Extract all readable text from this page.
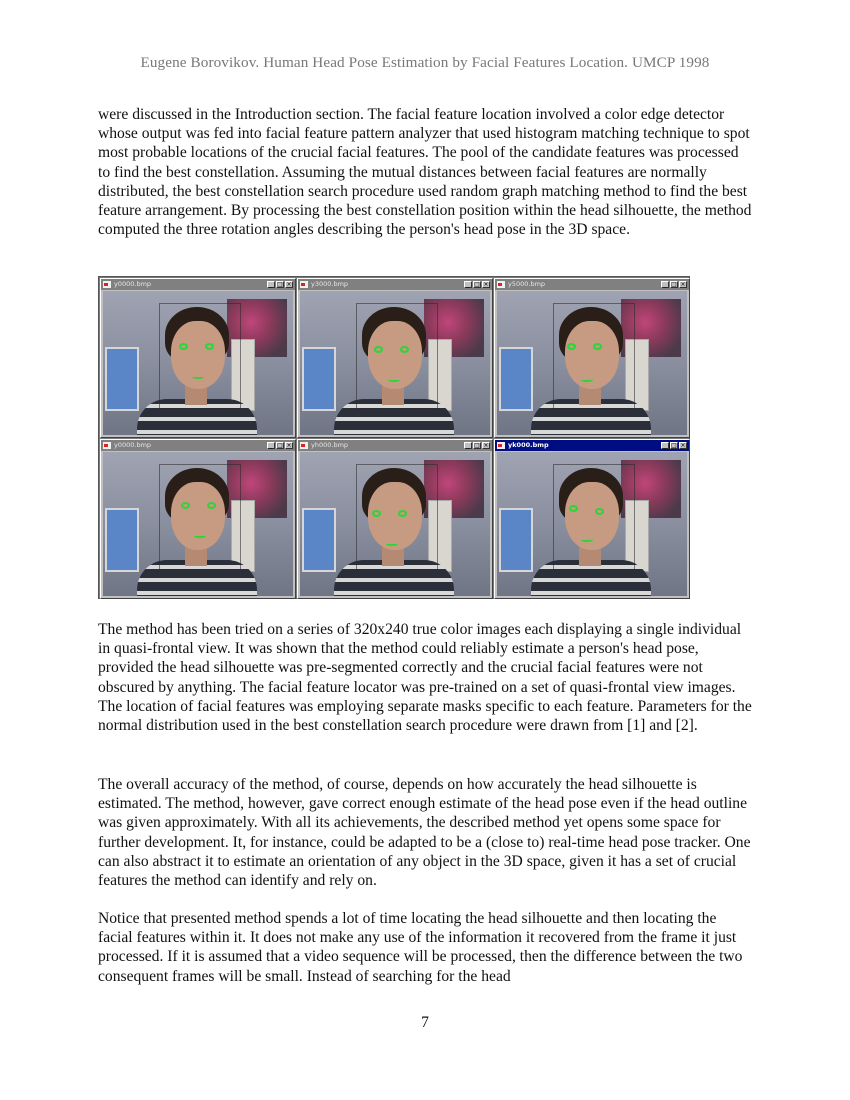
Eugene Borovikov. Human Head Pose Estimation by Facial Features Location. UMCP 1998

were discussed in the Introduction section. The facial feature location involved a color edge detector whose output was fed into facial feature pattern analyzer that used histogram matching technique to spot most probable locations of the crucial facial features. The pool of the candidate features was processed to find the best constellation. Assuming the mutual distances between facial features are normally distributed, the best constellation search procedure used random graph matching method to find the best feature arrangement. By processing the best constellation position within the head silhouette, the method computed the three rotation angles describing the person's head pose in the 3D space.

y0000.bmp	_ □ ×	y3000.bmp	_ □ ×	y5000.bmp	_ □ ×
y0000.bmp	_ □ ×	yh000.bmp	_ □ ×	yk000.bmp	_ □ ×

The method has been tried on a series of 320x240 true color images each displaying a single individual in quasi-frontal view. It was shown that the method could reliably estimate a person's head pose, provided the head silhouette was pre-segmented correctly and the crucial facial features were not obscured by anything. The facial feature locator was pre-trained on a set of quasi-frontal view images. The location of facial features was employing separate masks specific to each feature. Parameters for the normal distribution used in the best constellation search procedure were drawn from [1] and [2].

The overall accuracy of the method, of course, depends on how accurately the head silhouette is estimated. The method, however, gave correct enough estimate of the head pose even if the head outline was given approximately. With all its achievements, the described method yet opens some space for further development. It, for instance, could be adapted to be a (close to) real-time head pose tracker. One can also abstract it to estimate an orientation of any object in the 3D space, given it has a set of crucial features the method can identify and rely on.

Notice that presented method spends a lot of time locating the head silhouette and then locating the facial features within it. It does not make any use of the information it recovered from the frame it just processed. If it is assumed that a video sequence will be processed, then the difference between the two consequent frames will be small. Instead of searching for the head

7
